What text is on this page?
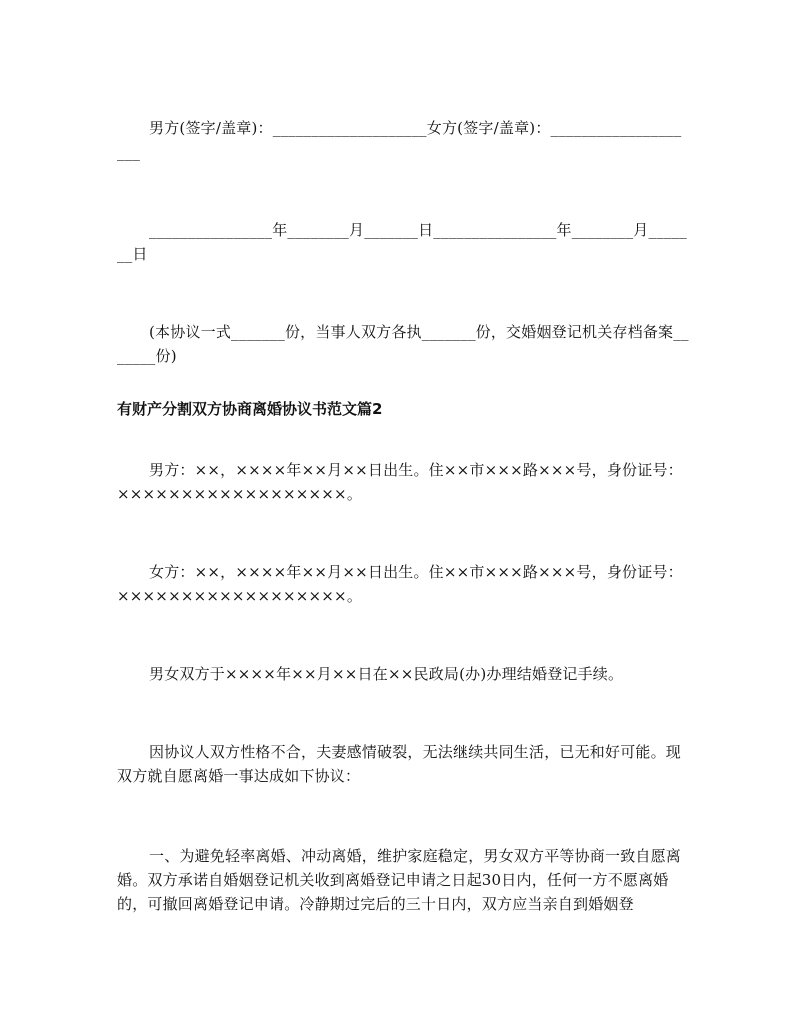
男方(签字/盖章)：____________________女方(签字/盖章)：____________________
________________年________月_______日________________年________月_______日
(本协议一式_______份，当事人双方各执_______份，交婚姻登记机关存档备案_______份)
有财产分割双方协商离婚协议书范文篇2
男方：××，××××年××月××日出生。住××市×××路×××号，身份证号：××××××××××××××××××。
女方：××，××××年××月××日出生。住××市×××路×××号，身份证号：××××××××××××××××××。
男女双方于××××年××月××日在××民政局(办)办理结婚登记手续。
因协议人双方性格不合，夫妻感情破裂，无法继续共同生活，已无和好可能。现双方就自愿离婚一事达成如下协议：
一、为避免轻率离婚、冲动离婚，维护家庭稳定，男女双方平等协商一致自愿离婚。双方承诺自婚姻登记机关收到离婚登记申请之日起30日内，任何一方不愿离婚的，可撤回离婚登记申请。冷静期过完后的三十日内，双方应当亲自到婚姻登
